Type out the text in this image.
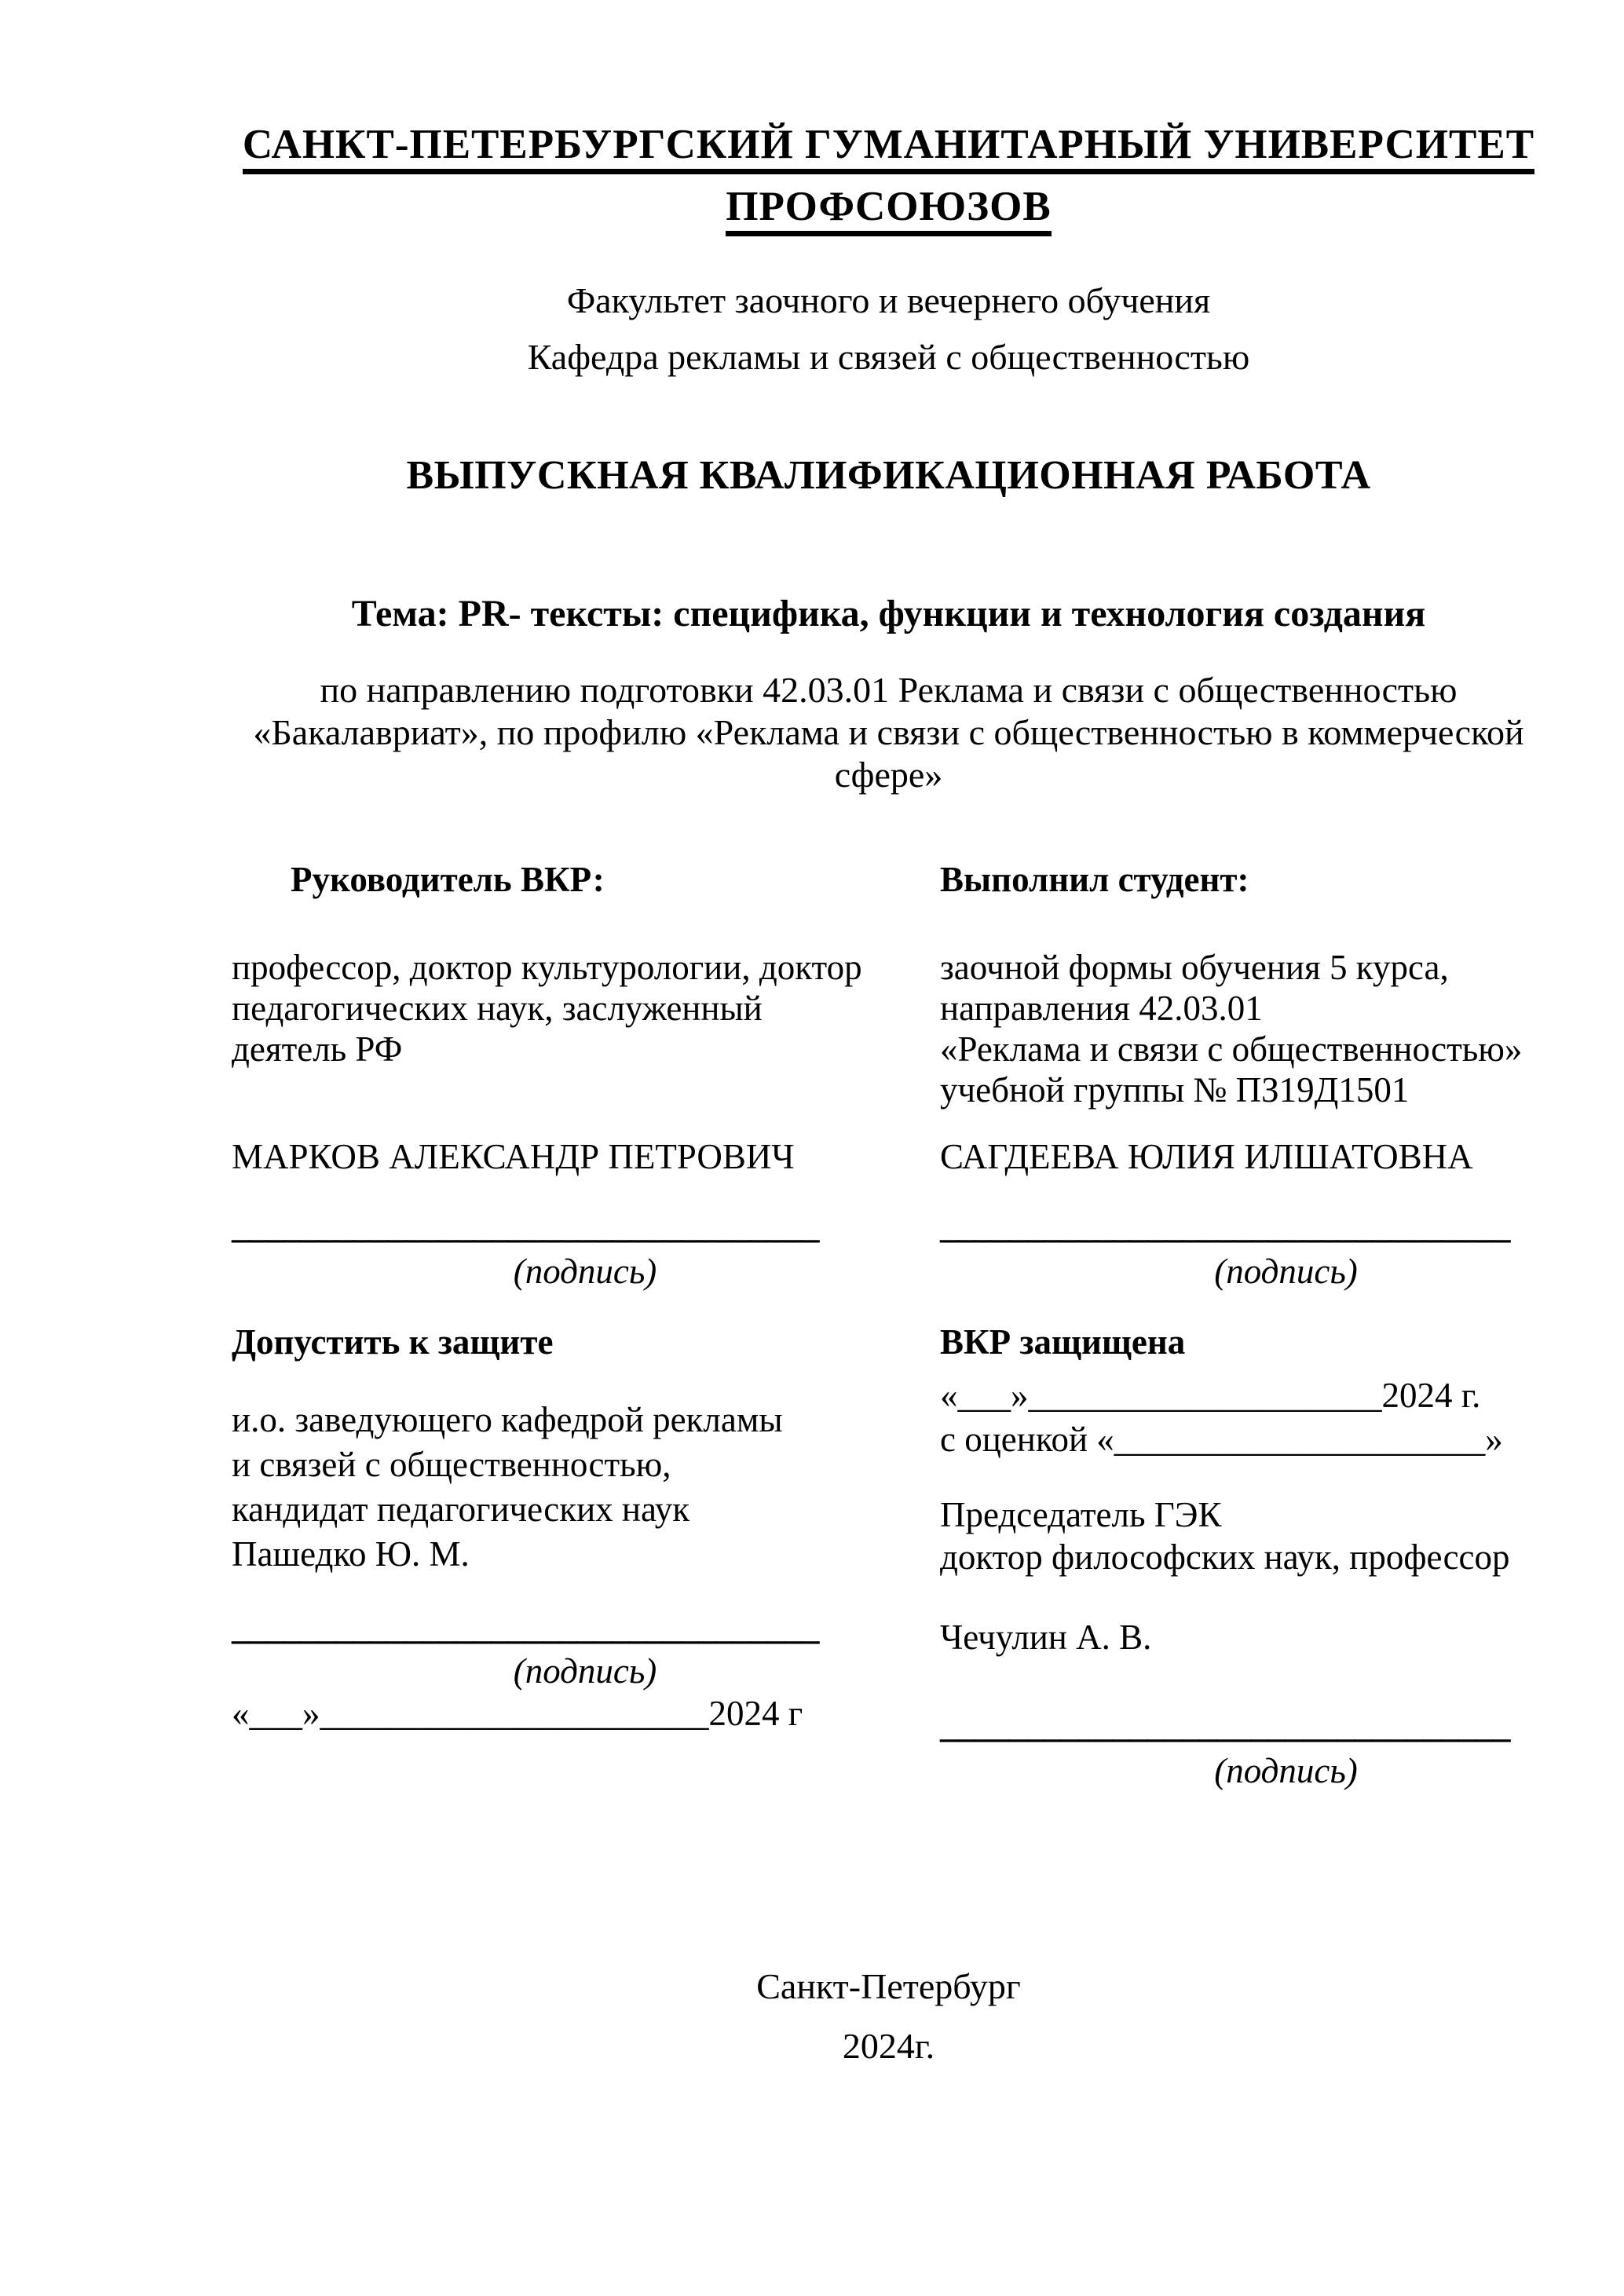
САНКТ-ПЕТЕРБУРГСКИЙ ГУМАНИТАРНЫЙ УНИВЕРСИТЕТ
ПРОФСОЮЗОВ
Факультет заочного и вечернего обучения
Кафедра рекламы и связей с общественностью
ВЫПУСКНАЯ КВАЛИФИКАЦИОННАЯ РАБОТА
Тема: PR- тексты: специфика, функции и технология создания
по направлению подготовки 42.03.01 Реклама и связи с общественностью
«Бакалавриат», по профилю «Реклама и связи с общественностью в коммерческой
сфере»
Руководитель ВКР:
профессор, доктор культурологии, доктор
педагогических наук, заслуженный
деятель РФ
МАРКОВ АЛЕКСАНДР ПЕТРОВИЧ
__________________________________
(подпись)
Допустить к защите
и.о. заведующего кафедрой рекламы
и связей с общественностью,
кандидат педагогических наук
Пашедко Ю. М.
__________________________________
(подпись)
«___»______________________2024 г
Выполнил студент:
заочной формы обучения 5 курса,
направления 42.03.01
«Реклама и связи с общественностью»
учебной группы № ПЗ19Д1501
САГДЕЕВА ЮЛИЯ ИЛШАТОВНА
_________________________________
(подпись)
ВКР защищена
«___»____________________2024 г.
с оценкой «_____________________»
Председатель ГЭК
доктор философских наук, профессор
Чечулин А. В.
_________________________________
(подпись)
Санкт-Петербург
2024г.
